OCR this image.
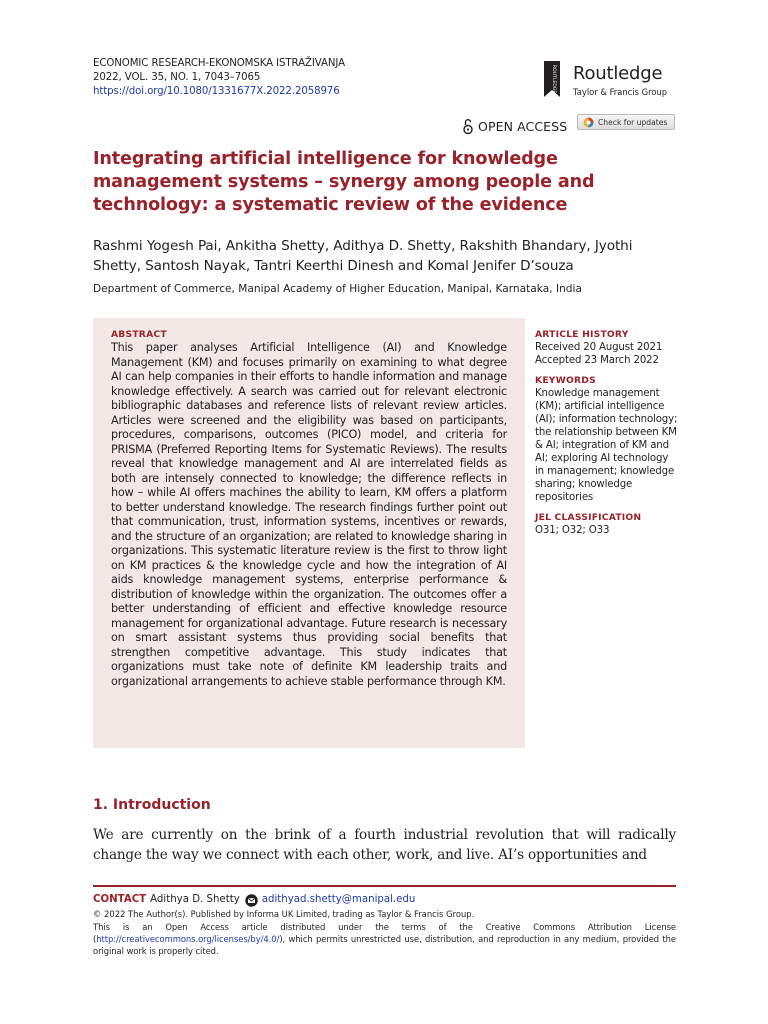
ECONOMIC RESEARCH-EKONOMSKA ISTRAŽIVANJA
2022, VOL. 35, NO. 1, 7043–7065
https://doi.org/10.1080/1331677X.2022.2058976	ROUTLEDGE Routledge
Taylor & Francis Group
OPEN ACCESS	Check for updates
Integrating artificial intelligence for knowledge management systems – synergy among people and technology: a systematic review of the evidence
Rashmi Yogesh Pai, Ankitha Shetty, Adithya D. Shetty, Rakshith Bhandary, Jyothi Shetty, Santosh Nayak, Tantri Keerthi Dinesh and Komal Jenifer D’souza
Department of Commerce, Manipal Academy of Higher Education, Manipal, Karnataka, India
ABSTRACT
This paper analyses Artificial Intelligence (AI) and Knowledge Management (KM) and focuses primarily on examining to what degree AI can help companies in their efforts to handle information and manage knowledge effectively. A search was carried out for relevant electronic bibliographic databases and reference lists of relevant review articles. Articles were screened and the eligibility was based on participants, procedures, comparisons, outcomes (PICO) model, and criteria for PRISMA (Preferred Reporting Items for Systematic Reviews). The results reveal that knowledge management and AI are interrelated fields as both are intensely connected to knowledge; the difference reflects in how – while AI offers machines the ability to learn, KM offers a platform to better understand knowledge. The research findings further point out that communication, trust, information systems, incentives or rewards, and the structure of an organization; are related to knowledge sharing in organizations. This systematic literature review is the first to throw light on KM practices & the knowledge cycle and how the integration of AI aids knowledge management systems, enterprise performance & distribution of knowledge within the organization. The outcomes offer a better understanding of efficient and effective knowledge resource management for organizational advantage. Future research is necessary on smart assistant systems thus providing social benefits that strengthen competitive advantage. This study indicates that organizations must take note of definite KM leadership traits and organizational arrangements to achieve stable performance through KM.
ARTICLE HISTORY
Received 20 August 2021
Accepted 23 March 2022
KEYWORDS
Knowledge management (KM); artificial intelligence (AI); information technology; the relationship between KM & AI; integration of KM and AI; exploring AI technology in management; knowledge sharing; knowledge repositories
JEL CLASSIFICATION
O31; O32; O33
1. Introduction
We are currently on the brink of a fourth industrial revolution that will radically change the way we connect with each other, work, and live. AI’s opportunities and
CONTACT Adithya D. Shetty adithyad.shetty@manipal.edu
© 2022 The Author(s). Published by Informa UK Limited, trading as Taylor & Francis Group.
This is an Open Access article distributed under the terms of the Creative Commons Attribution License (http://creativecommons.org/licenses/by/4.0/), which permits unrestricted use, distribution, and reproduction in any medium, provided the original work is properly cited.
